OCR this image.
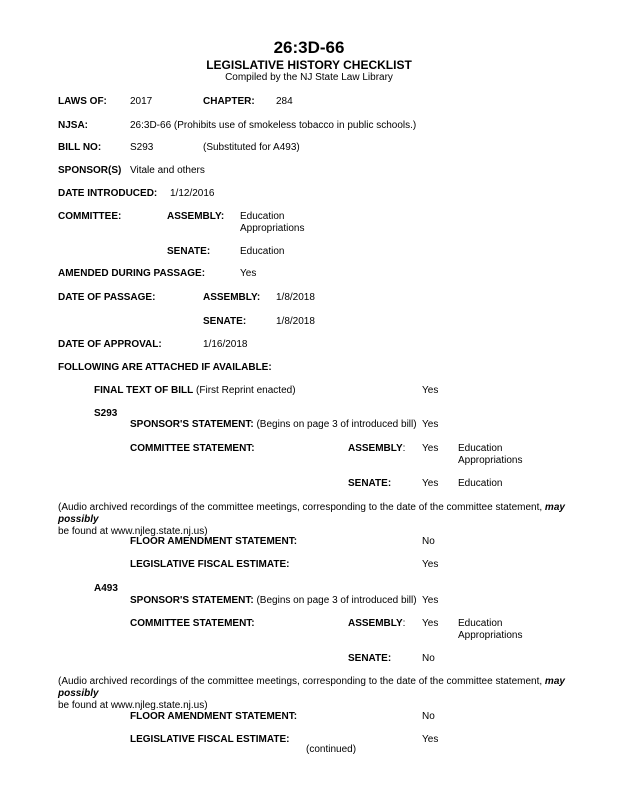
26:3D-66
LEGISLATIVE HISTORY CHECKLIST
Compiled by the NJ State Law Library
LAWS OF: 2017	CHAPTER: 284
NJSA:	26:3D-66 (Prohibits use of smokeless tobacco in public schools.)
BILL NO:	S293	(Substituted for A493)
SPONSOR(S) Vitale and others
DATE INTRODUCED: 1/12/2016
COMMITTEE:	ASSEMBLY: Education
Appropriations
SENATE:	Education
AMENDED DURING PASSAGE:	Yes
DATE OF PASSAGE:	ASSEMBLY: 1/8/2018
SENATE:	1/8/2018
DATE OF APPROVAL:	1/16/2018
FOLLOWING ARE ATTACHED IF AVAILABLE:
FINAL TEXT OF BILL (First Reprint enacted)	Yes
S293
SPONSOR'S STATEMENT: (Begins on page 3 of introduced bill) Yes
COMMITTEE STATEMENT:	ASSEMBLY: Yes Education
Appropriations
SENATE:	Yes Education
(Audio archived recordings of the committee meetings, corresponding to the date of the committee statement, may possibly
be found at www.njleg.state.nj.us)
FLOOR AMENDMENT STATEMENT:	No
LEGISLATIVE FISCAL ESTIMATE:	Yes
A493
SPONSOR'S STATEMENT: (Begins on page 3 of introduced bill) Yes
COMMITTEE STATEMENT:	ASSEMBLY: Yes Education
Appropriations
SENATE:	No
(Audio archived recordings of the committee meetings, corresponding to the date of the committee statement, may possibly
be found at www.njleg.state.nj.us)
FLOOR AMENDMENT STATEMENT:	No
LEGISLATIVE FISCAL ESTIMATE:	Yes
(continued)
